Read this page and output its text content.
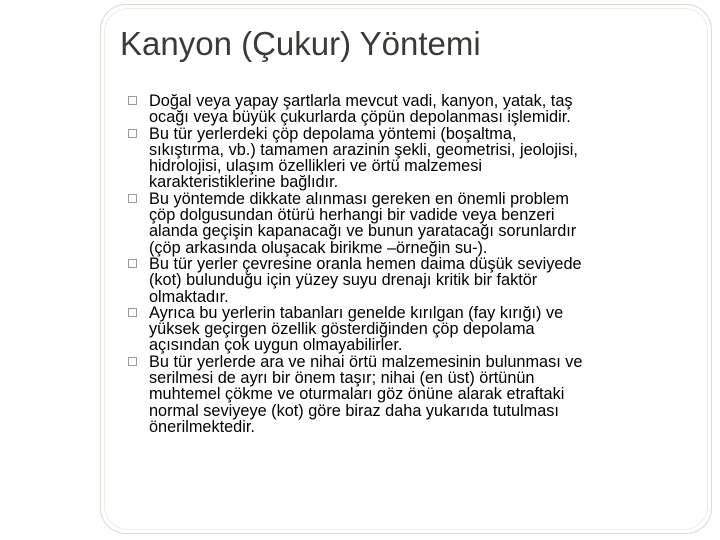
Kanyon (Çukur) Yöntemi
Doğal veya yapay şartlarla mevcut vadi, kanyon, yatak, taş
ocağı veya büyük çukurlarda çöpün depolanması işlemidir.
Bu tür yerlerdeki çöp depolama yöntemi (boşaltma,
sıkıştırma, vb.) tamamen arazinin şekli, geometrisi, jeolojisi,
hidrolojisi, ulaşım özellikleri ve örtü malzemesi
karakteristiklerine bağlıdır.
Bu yöntemde dikkate alınması gereken en önemli problem
çöp dolgusundan ötürü herhangi bir vadide veya benzeri
alanda geçişin kapanacağı ve bunun yaratacağı sorunlardır
(çöp arkasında oluşacak birikme –örneğin su-).
Bu tür yerler çevresine oranla hemen daima düşük seviyede
(kot) bulunduğu için yüzey suyu drenajı kritik bir faktör
olmaktadır.
Ayrıca bu yerlerin tabanları genelde kırılgan (fay kırığı) ve
yüksek geçirgen özellik gösterdiğinden çöp depolama
açısından çok uygun olmayabilirler.
Bu tür yerlerde ara ve nihai örtü malzemesinin bulunması ve
serilmesi de ayrı bir önem taşır; nihai (en üst) örtünün
muhtemel çökme ve oturmaları göz önüne alarak etraftaki
normal seviyeye (kot) göre biraz daha yukarıda tutulması
önerilmektedir.
